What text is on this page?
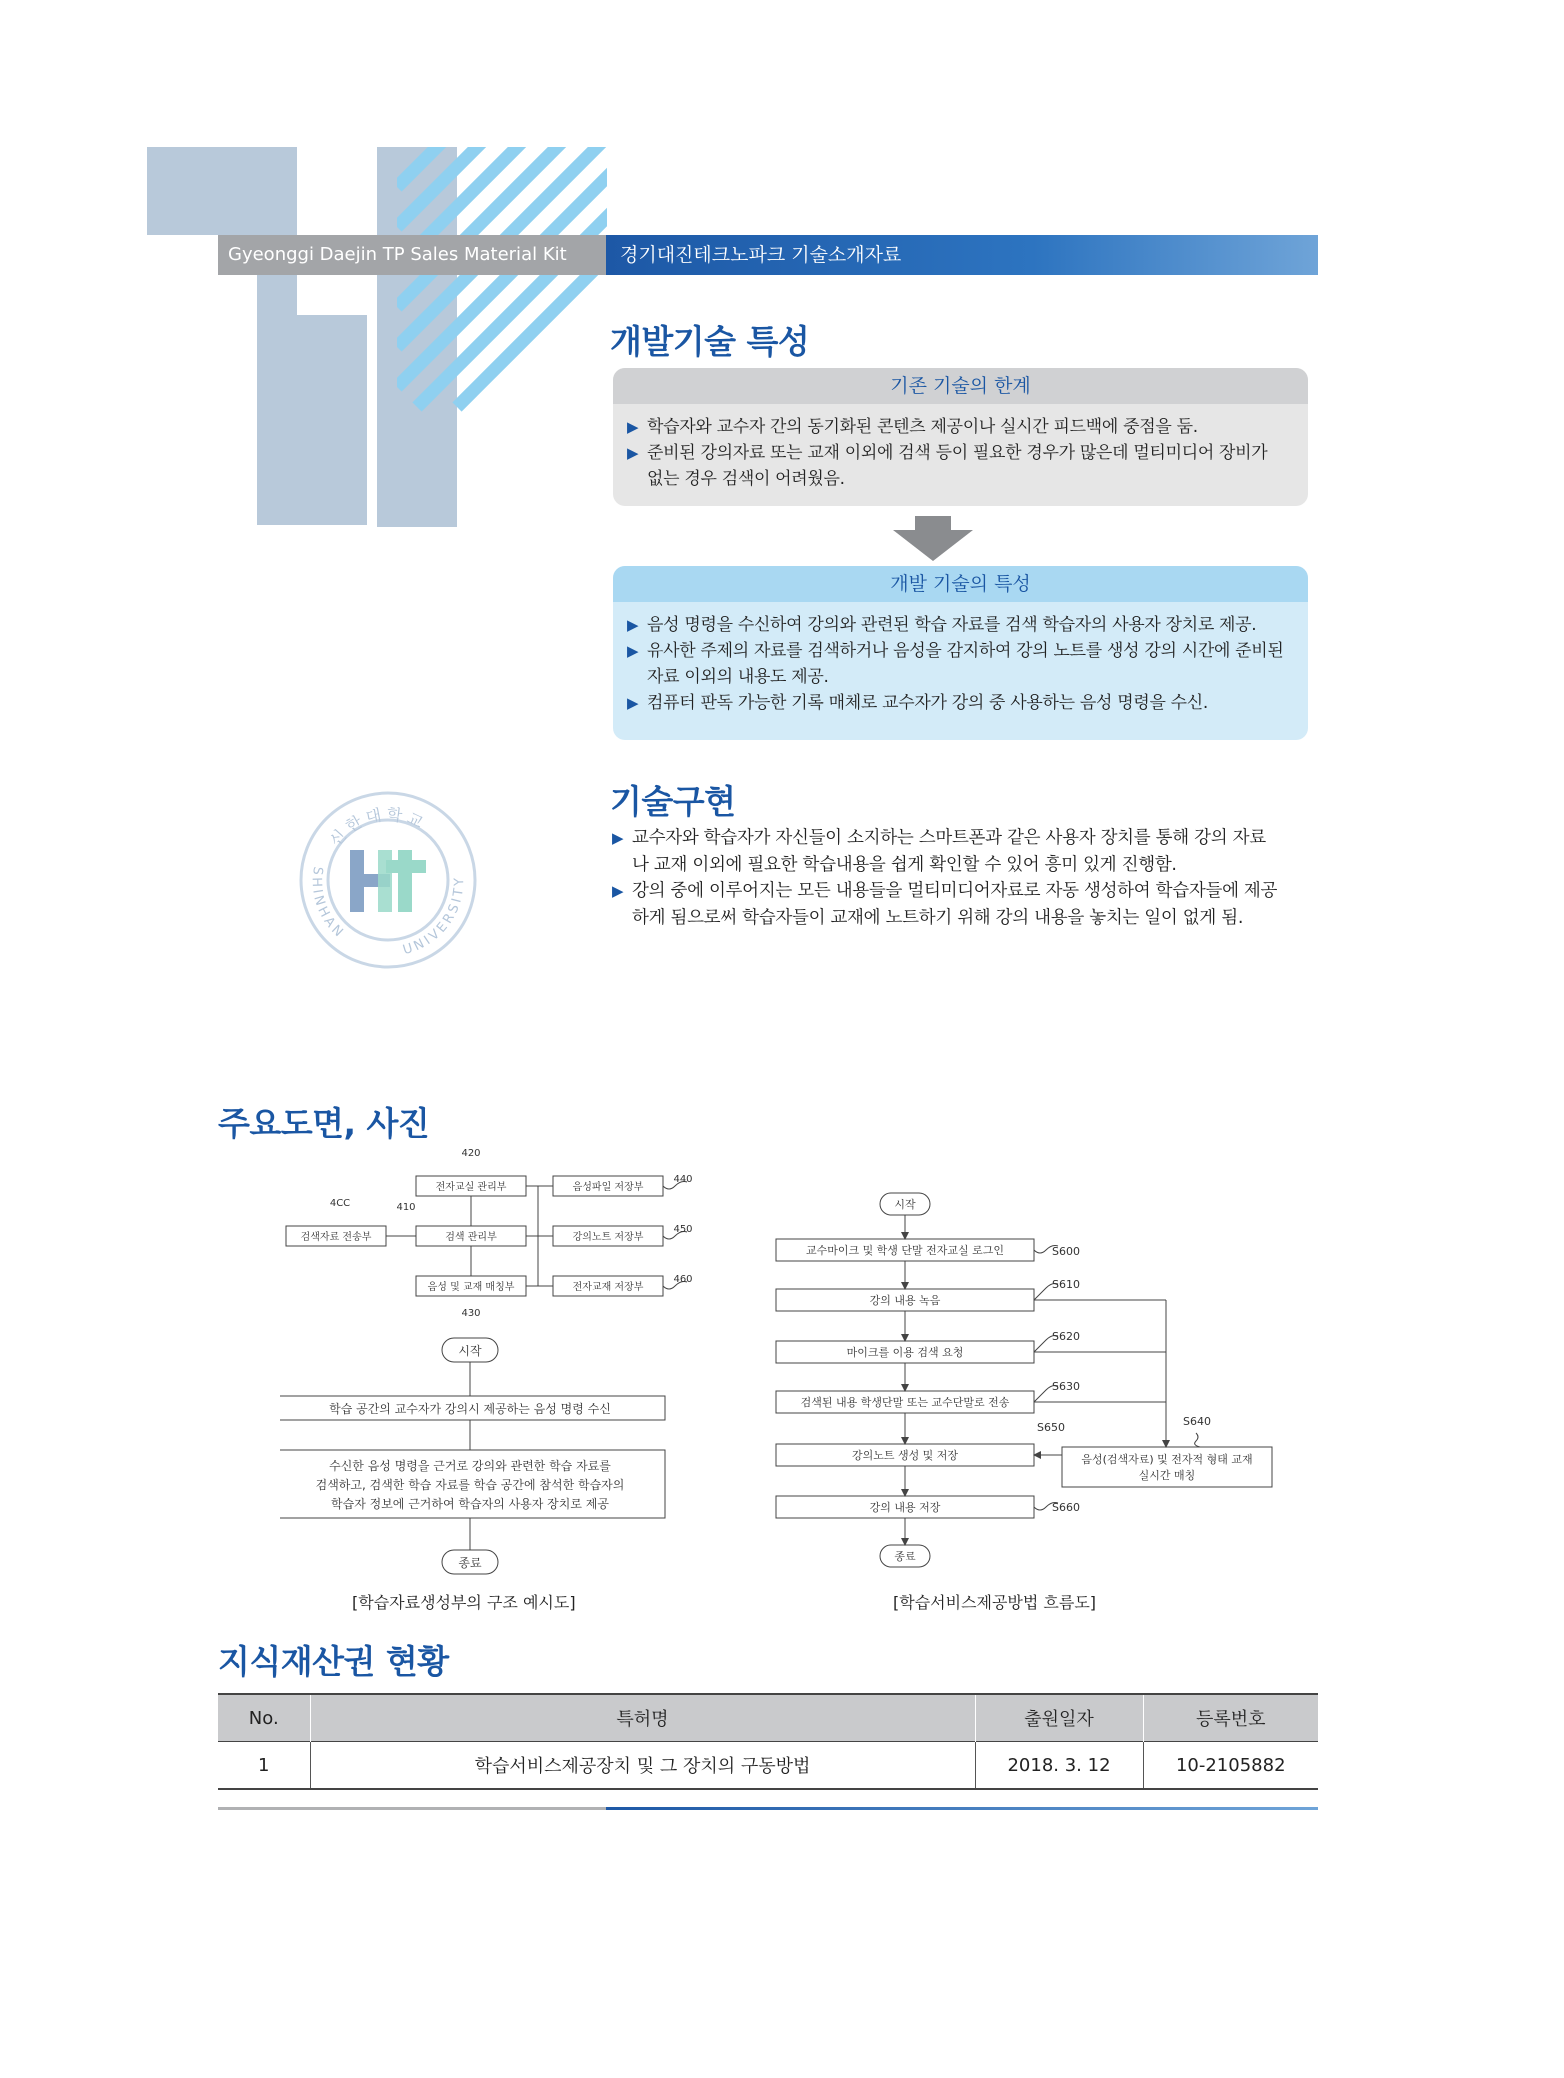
Gyeonggi Daejin TP Sales Material Kit	경기대진테크노파크 기술소개자료
개발기술 특성
기존 기술의 한계
▶ 학습자와 교수자 간의 동기화된 콘텐츠 제공이나 실시간 피드백에 중점을 둠.
▶ 준비된 강의자료 또는 교재 이외에 검색 등이 필요한 경우가 많은데 멀티미디어 장비가 없는 경우 검색이 어려웠음.
개발 기술의 특성
▶ 음성 명령을 수신하여 강의와 관련된 학습 자료를 검색 학습자의 사용자 장치로 제공.
▶ 유사한 주제의 자료를 검색하거나 음성을 감지하여 강의 노트를 생성 강의 시간에 준비된 자료 이외의 내용도 제공.
▶ 컴퓨터 판독 가능한 기록 매체로 교수자가 강의 중 사용하는 음성 명령을 수신.
신한대학교
SHINHAN
UNIVERSITY
기술구현
▶ 교수자와 학습자가 자신들이 소지하는 스마트폰과 같은 사용자 장치를 통해 강의 자료나 교재 이외에 필요한 학습내용을 쉽게 확인할 수 있어 흥미 있게 진행함.
▶ 강의 중에 이루어지는 모든 내용들을 멀티미디어자료로 자동 생성하여 학습자들에 제공하게 됨으로써 학습자들이 교재에 노트하기 위해 강의 내용을 놓치는 일이 없게 됨.
주요도면, 사진
전자교실 관리부	음성파일 저장부
검색자료 전송부	검색 관리부	강의노트 저장부
음성 및 교재 매칭부	전자교재 저장부
420
4CC	410
440
450
460
430
시작
학습 공간의 교수자가 강의시 제공하는 음성 명령 수신
수신한 음성 명령을 근거로 강의와 관련한 학습 자료를
검색하고, 검색한 학습 자료를 학습 공간에 참석한 학습자의
학습자 정보에 근거하여 학습자의 사용자 장치로 제공
종료
[학습자료생성부의 구조 예시도]
시작
교수마이크 및 학생 단말 전자교실 로그인
강의 내용 녹음
마이크를 이용 검색 요청
검색된 내용 학생단말 또는 교수단말로 전송
강의노트 생성 및 저장
강의 내용 저장
음성(검색자료) 및 전자적 형태 교재
실시간 매칭
종료
S600
S610
S620
S630
S640
S650
S660
[학습서비스제공방법 흐름도]
지식재산권 현황
No.	특허명	출원일자	등록번호
1	학습서비스제공장치 및 그 장치의 구동방법	2018. 3. 12	10-2105882
